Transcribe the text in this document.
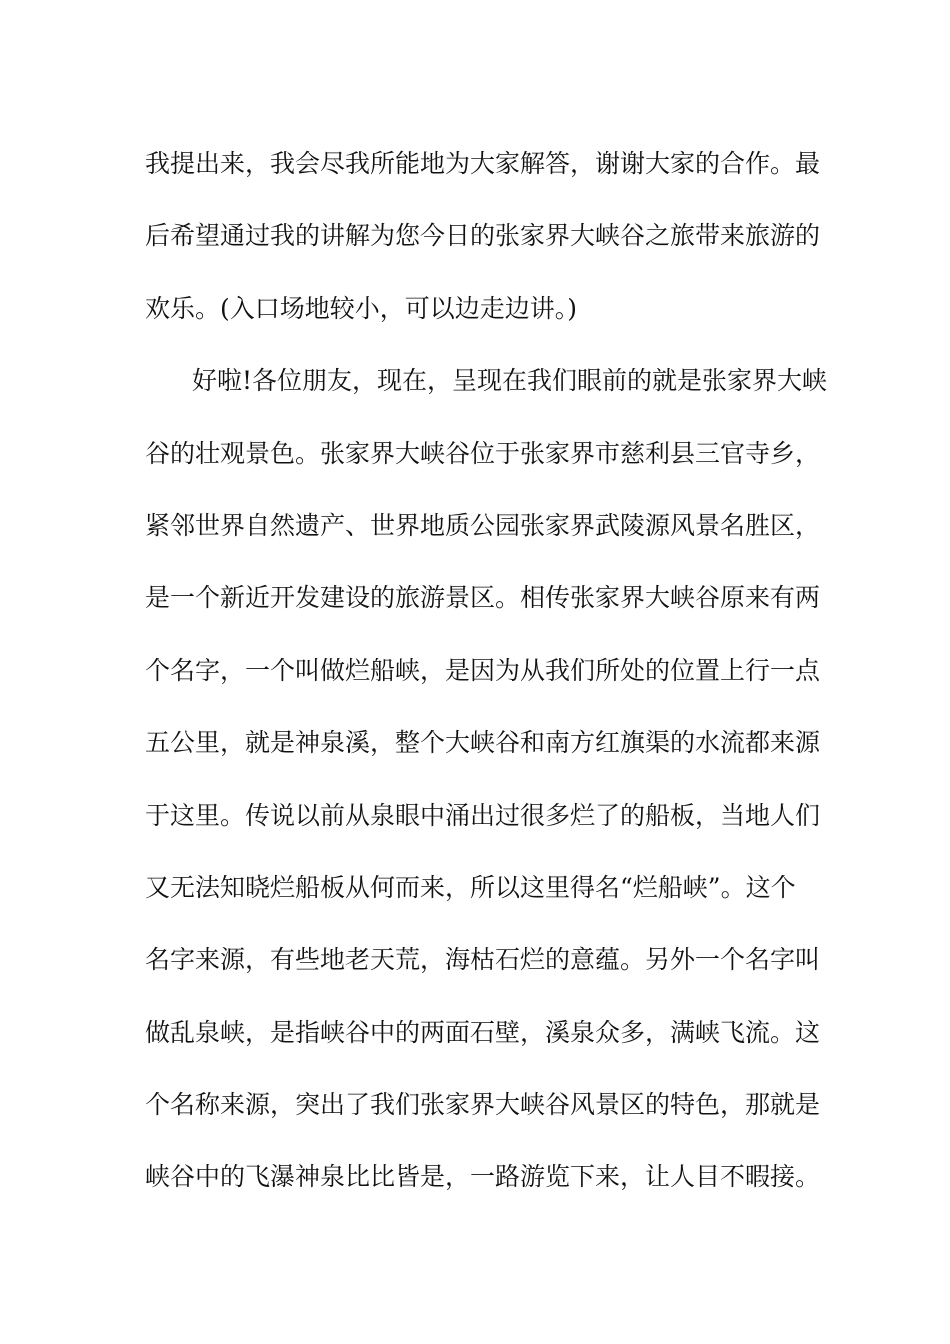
我提出来，我会尽我所能地为大家解答，谢谢大家的合作。最
后希望通过我的讲解为您今日的张家界大峡谷之旅带来旅游的
欢乐。(入口场地较小，可以边走边讲。)
好啦!各位朋友，现在，呈现在我们眼前的就是张家界大峡
谷的壮观景色。张家界大峡谷位于张家界市慈利县三官寺乡，
紧邻世界自然遗产、世界地质公园张家界武陵源风景名胜区，
是一个新近开发建设的旅游景区。相传张家界大峡谷原来有两
个名字，一个叫做烂船峡，是因为从我们所处的位置上行一点
五公里，就是神泉溪，整个大峡谷和南方红旗渠的水流都来源
于这里。传说以前从泉眼中涌出过很多烂了的船板，当地人们
又无法知晓烂船板从何而来，所以这里得名“烂船峡”。这个
名字来源，有些地老天荒，海枯石烂的意蕴。另外一个名字叫
做乱泉峡，是指峡谷中的两面石壁，溪泉众多，满峡飞流。这
个名称来源，突出了我们张家界大峡谷风景区的特色，那就是
峡谷中的飞瀑神泉比比皆是，一路游览下来，让人目不暇接。
